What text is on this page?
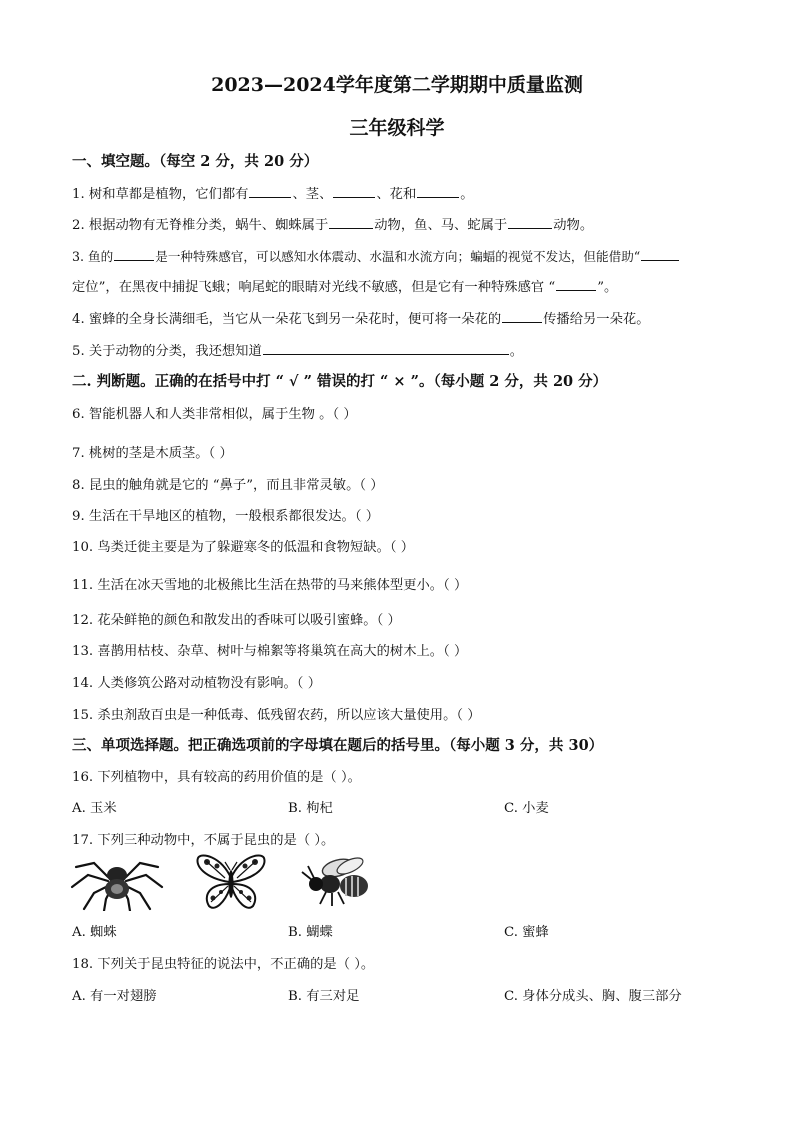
2023—2024学年度第二学期期中质量监测
三年级科学
一、填空题。（每空 2 分，共 20 分）
1. 树和草都是植物，它们都有	、茎、	、花和	。
2. 根据动物有无脊椎分类，蜗牛、蜘蛛属于	动物，鱼、马、蛇属于	动物。
3. 鱼的	是一种特殊感官，可以感知水体震动、水温和水流方向；蝙蝠的视觉不发达，但能借助“
定位”，在黑夜中捕捉飞蛾；响尾蛇的眼睛对光线不敏感，但是它有一种特殊感官 “	”。
4. 蜜蜂的全身长满细毛，当它从一朵花飞到另一朵花时，便可将一朵花的	传播给另一朵花。
5. 关于动物的分类，我还想知道	。
二. 判断题。正确的在括号中打 “ √ ” 错误的打 “ × ”。（每小题 2 分，共 20 分）
6. 智能机器人和人类非常相似，属于生物 。（ ）
7. 桃树的茎是木质茎。（ ）
8. 昆虫的触角就是它的 “鼻子”，而且非常灵敏。（ ）
9. 生活在干旱地区的植物，一般根系都很发达。（ ）
10. 鸟类迁徙主要是为了躲避寒冬的低温和食物短缺。（ ）
11. 生活在冰天雪地的北极熊比生活在热带的马来熊体型更小。（ ）
12. 花朵鲜艳的颜色和散发出的香味可以吸引蜜蜂。（ ）
13. 喜鹊用枯枝、杂草、树叶与棉絮等将巢筑在高大的树木上。（ ）
14. 人类修筑公路对动植物没有影响。（ ）
15. 杀虫剂敌百虫是一种低毒、低残留农药，所以应该大量使用。（ ）
三、单项选择题。把正确选项前的字母填在题后的括号里。（每小题 3 分，共 30）
16. 下列植物中，具有较高的药用价值的是（ ）。
A. 玉米	B. 枸杞	C. 小麦
17. 下列三种动物中，不属于昆虫的是（ ）。
A. 蜘蛛	B. 蝴蝶	C. 蜜蜂
18. 下列关于昆虫特征的说法中，不正确的是（ ）。
A. 有一对翅膀	B. 有三对足	C. 身体分成头、胸、腹三部分
